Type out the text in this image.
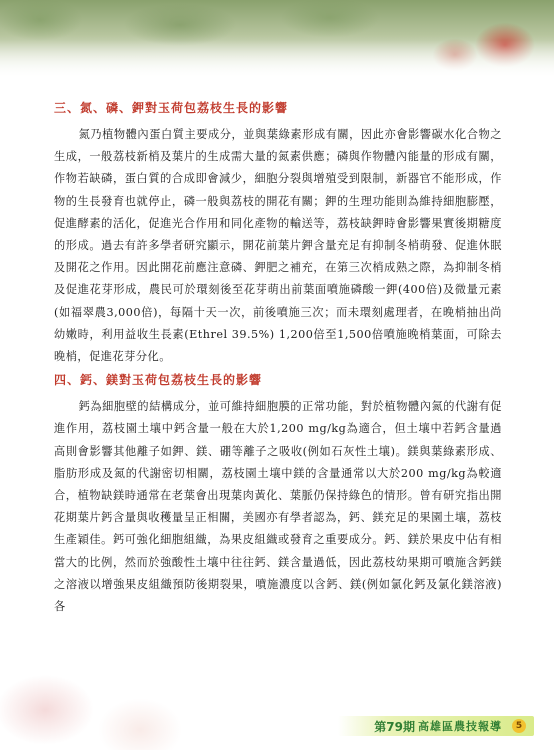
三、氮、磷、鉀對玉荷包荔枝生長的影響

氮乃植物體內蛋白質主要成分，並與葉綠素形成有關，因此亦會影響碳水化合物之生成，一般荔枝新梢及葉片的生成需大量的氮素供應；磷與作物體內能量的形成有關，作物若缺磷，蛋白質的合成即會減少，細胞分裂與增殖受到限制，新器官不能形成，作物的生長發育也就停止，磷一般與荔枝的開花有關；鉀的生理功能則為維持細胞膨壓，促進酵素的活化，促進光合作用和同化產物的輸送等，荔枝缺鉀時會影響果實後期糖度的形成。過去有許多學者研究顯示，開花前葉片鉀含量充足有抑制冬梢萌發、促進休眠及開花之作用。因此開花前應注意磷、鉀肥之補充，在第三次梢成熟之際，為抑制冬梢及促進花芽形成，農民可於環刻後至花芽萌出前葉面噴施磷酸一鉀(400倍)及微量元素(如福翠農3,000倍)，每隔十天一次，前後噴施三次；而未環刻處理者，在晚梢抽出尚幼嫩時，利用益收生長素(Ethrel 39.5%) 1,200倍至1,500倍噴施晚梢葉面，可除去晚梢，促進花芽分化。

四、鈣、鎂對玉荷包荔枝生長的影響

鈣為細胞壁的結構成分，並可維持細胞膜的正常功能，對於植物體內氮的代謝有促進作用，荔枝園土壤中鈣含量一般在大於1,200 mg/kg為適合，但土壤中若鈣含量過高則會影響其他離子如鉀、鎂、硼等離子之吸收(例如石灰性土壤)。鎂與葉綠素形成、脂肪形成及氮的代謝密切相關，荔枝園土壤中鎂的含量通常以大於200 mg/kg為較適合，植物缺鎂時通常在老葉會出現葉肉黃化、葉脈仍保持綠色的情形。曾有研究指出開花期葉片鈣含量與收穫量呈正相關，美國亦有學者認為，鈣、鎂充足的果園土壤，荔枝生產穎佳。鈣可強化細胞組織，為果皮組織或發育之重要成分。鈣、鎂於果皮中佔有相當大的比例，然而於強酸性土壤中往往鈣、鎂含量過低，因此荔枝幼果期可噴施含鈣鎂之溶液以增強果皮組織預防後期裂果，噴施濃度以含鈣、鎂(例如氯化鈣及氯化鎂溶液)各

第79期 高雄區農技報導	5
